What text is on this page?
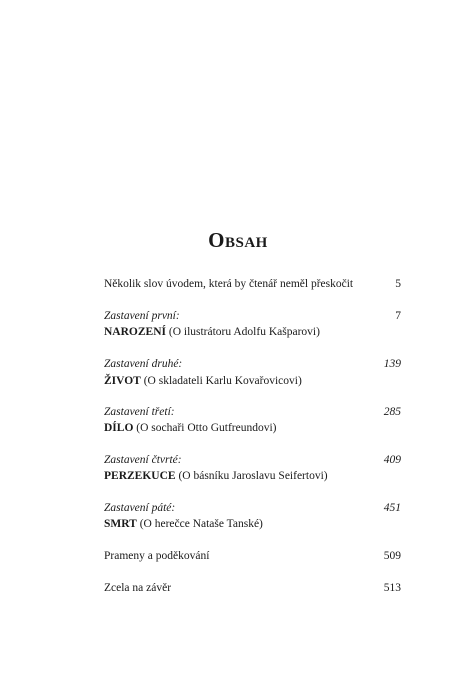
Obsah
Několik slov úvodem, která by čtenář neměl přeskočit	5
Zastavení první:	7
NAROZENÍ (O ilustrátoru Adolfu Kašparovi)
Zastavení druhé:	139
ŽIVOT (O skladateli Karlu Kovařovicovi)
Zastavení třetí:	285
DÍLO (O sochaři Otto Gutfreundovi)
Zastavení čtvrté:	409
PERZEKUCE (O básníku Jaroslavu Seifertovi)
Zastavení páté:	451
SMRT (O herečce Nataše Tanské)
Prameny a poděkování	509
Zcela na závěr	513
